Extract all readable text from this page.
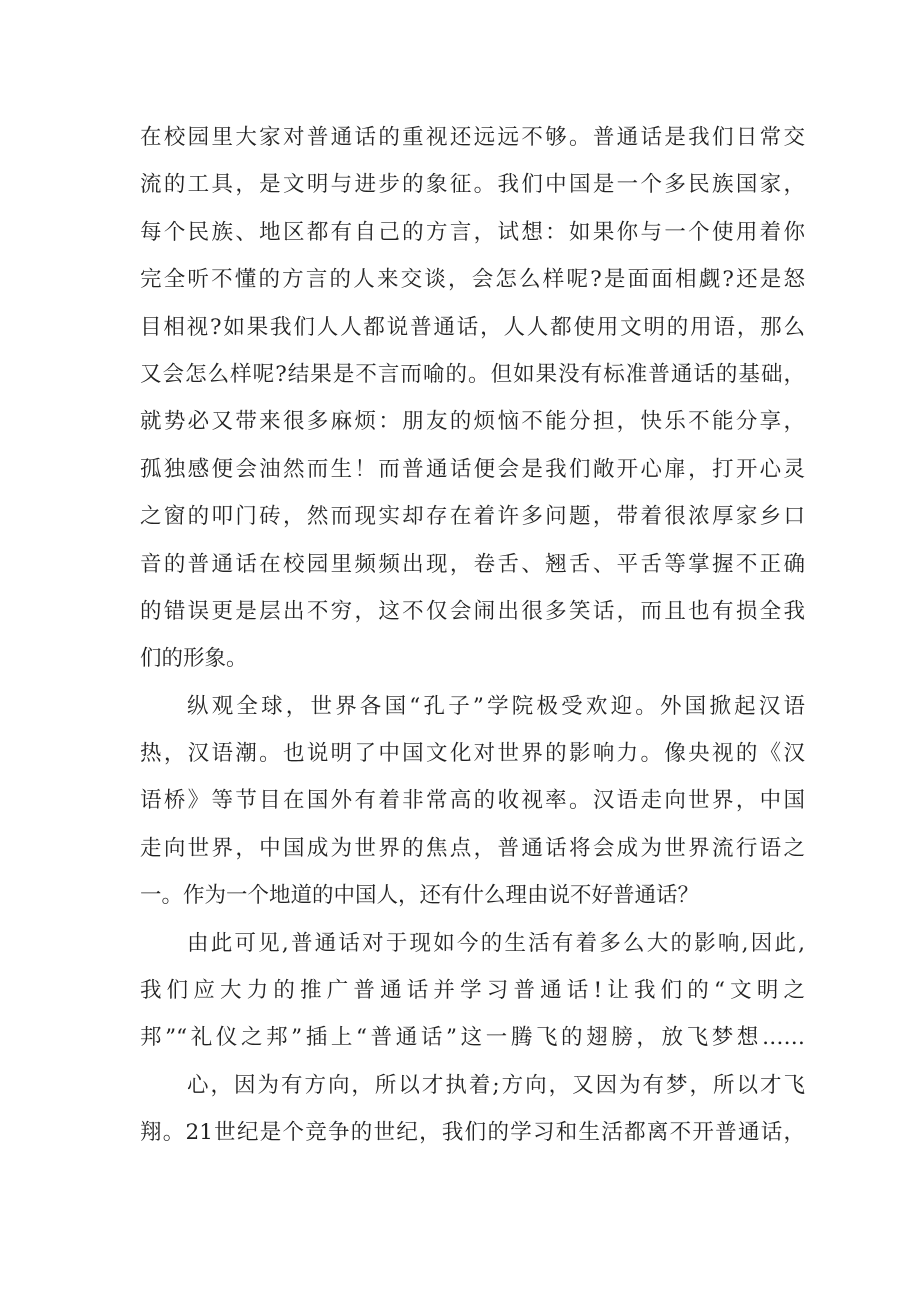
在校园里大家对普通话的重视还远远不够。普通话是我们日常交
流的工具，是文明与进步的象征。我们中国是一个多民族国家，
每个民族、地区都有自己的方言，试想：如果你与一个使用着你
完全听不懂的方言的人来交谈，会怎么样呢?是面面相觑?还是怒
目相视?如果我们人人都说普通话，人人都使用文明的用语，那么
又会怎么样呢?结果是不言而喻的。但如果没有标准普通话的基础，
就势必又带来很多麻烦：朋友的烦恼不能分担，快乐不能分享，
孤独感便会油然而生！而普通话便会是我们敞开心扉，打开心灵
之窗的叩门砖，然而现实却存在着许多问题，带着很浓厚家乡口
音的普通话在校园里频频出现，卷舌、翘舌、平舌等掌握不正确
的错误更是层出不穷，这不仅会闹出很多笑话，而且也有损全我
们的形象。
纵观全球，世界各国“孔子”学院极受欢迎。外国掀起汉语
热，汉语潮。也说明了中国文化对世界的影响力。像央视的《汉
语桥》等节目在国外有着非常高的收视率。汉语走向世界，中国
走向世界，中国成为世界的焦点，普通话将会成为世界流行语之
一。作为一个地道的中国人，还有什么理由说不好普通话？
由此可见,普通话对于现如今的生活有着多么大的影响,因此,
我们应大力的推广普通话并学习普通话!让我们的“文明之
邦”“礼仪之邦”插上“普通话”这一腾飞的翅膀，放飞梦想……
心，因为有方向，所以才执着;方向，又因为有梦，所以才飞
翔。21世纪是个竞争的世纪，我们的学习和生活都离不开普通话，
